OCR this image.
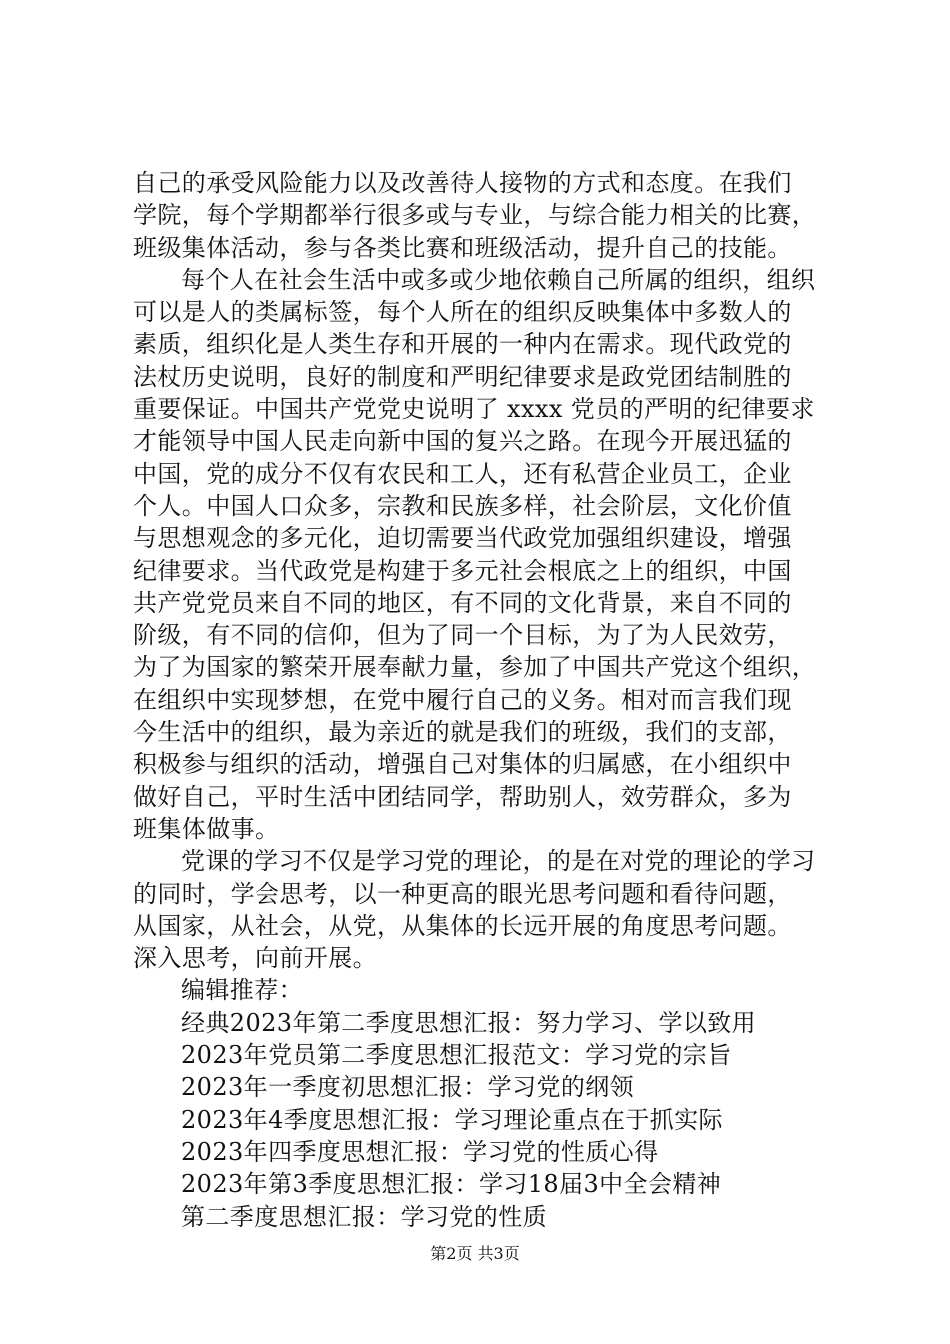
自己的承受风险能力以及改善待人接物的方式和态度。在我们
学院，每个学期都举行很多或与专业，与综合能力相关的比赛，
班级集体活动，参与各类比赛和班级活动，提升自己的技能。
每个人在社会生活中或多或少地依赖自己所属的组织，组织
可以是人的类属标签，每个人所在的组织反映集体中多数人的
素质，组织化是人类生存和开展的一种内在需求。现代政党的
法杖历史说明，良好的制度和严明纪律要求是政党团结制胜的
重要保证。中国共产党党史说明了 xxxx 党员的严明的纪律要求
才能领导中国人民走向新中国的复兴之路。在现今开展迅猛的
中国，党的成分不仅有农民和工人，还有私营企业员工，企业
个人。中国人口众多，宗教和民族多样，社会阶层，文化价值
与思想观念的多元化，迫切需要当代政党加强组织建设，增强
纪律要求。当代政党是构建于多元社会根底之上的组织，中国
共产党党员来自不同的地区，有不同的文化背景，来自不同的
阶级，有不同的信仰，但为了同一个目标，为了为人民效劳，
为了为国家的繁荣开展奉献力量，参加了中国共产党这个组织，
在组织中实现梦想，在党中履行自己的义务。相对而言我们现
今生活中的组织，最为亲近的就是我们的班级，我们的支部，
积极参与组织的活动，增强自己对集体的归属感，在小组织中
做好自己，平时生活中团结同学，帮助别人，效劳群众，多为
班集体做事。
党课的学习不仅是学习党的理论，的是在对党的理论的学习
的同时，学会思考，以一种更高的眼光思考问题和看待问题，
从国家，从社会，从党，从集体的长远开展的角度思考问题。
深入思考，向前开展。
编辑推荐：
经典2023年第二季度思想汇报：努力学习、学以致用
2023年党员第二季度思想汇报范文：学习党的宗旨
2023年一季度初思想汇报：学习党的纲领
2023年4季度思想汇报：学习理论重点在于抓实际
2023年四季度思想汇报：学习党的性质心得
2023年第3季度思想汇报：学习18届3中全会精神
第二季度思想汇报：学习党的性质
第2页 共3页
